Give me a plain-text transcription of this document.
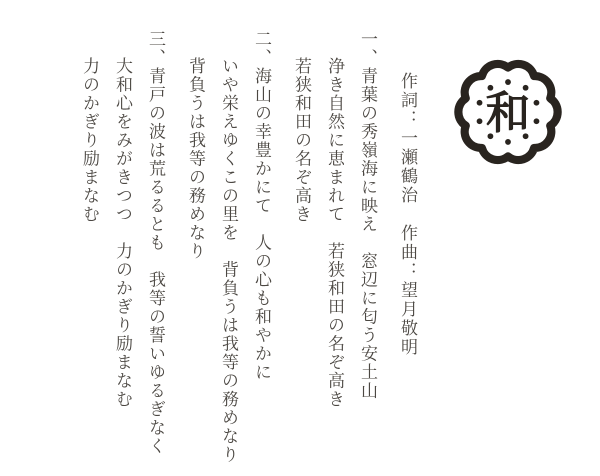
和
作詞：一瀬鶴治　作曲：望月敬明
一、青葉の秀嶺海に映え　窓辺に匂う安土山
浄き自然に恵まれて　若狭和田の名ぞ高き
若狭和田の名ぞ高き
二、海山の幸豊かにて　人の心も和やかに
いや栄えゆくこの里を　背負うは我等の務めなり
背負うは我等の務めなり
三、青戸の波は荒るるとも　我等の誓いゆるぎなく
大和心をみがきつつ　力のかぎり励まなむ
力のかぎり励まなむ
